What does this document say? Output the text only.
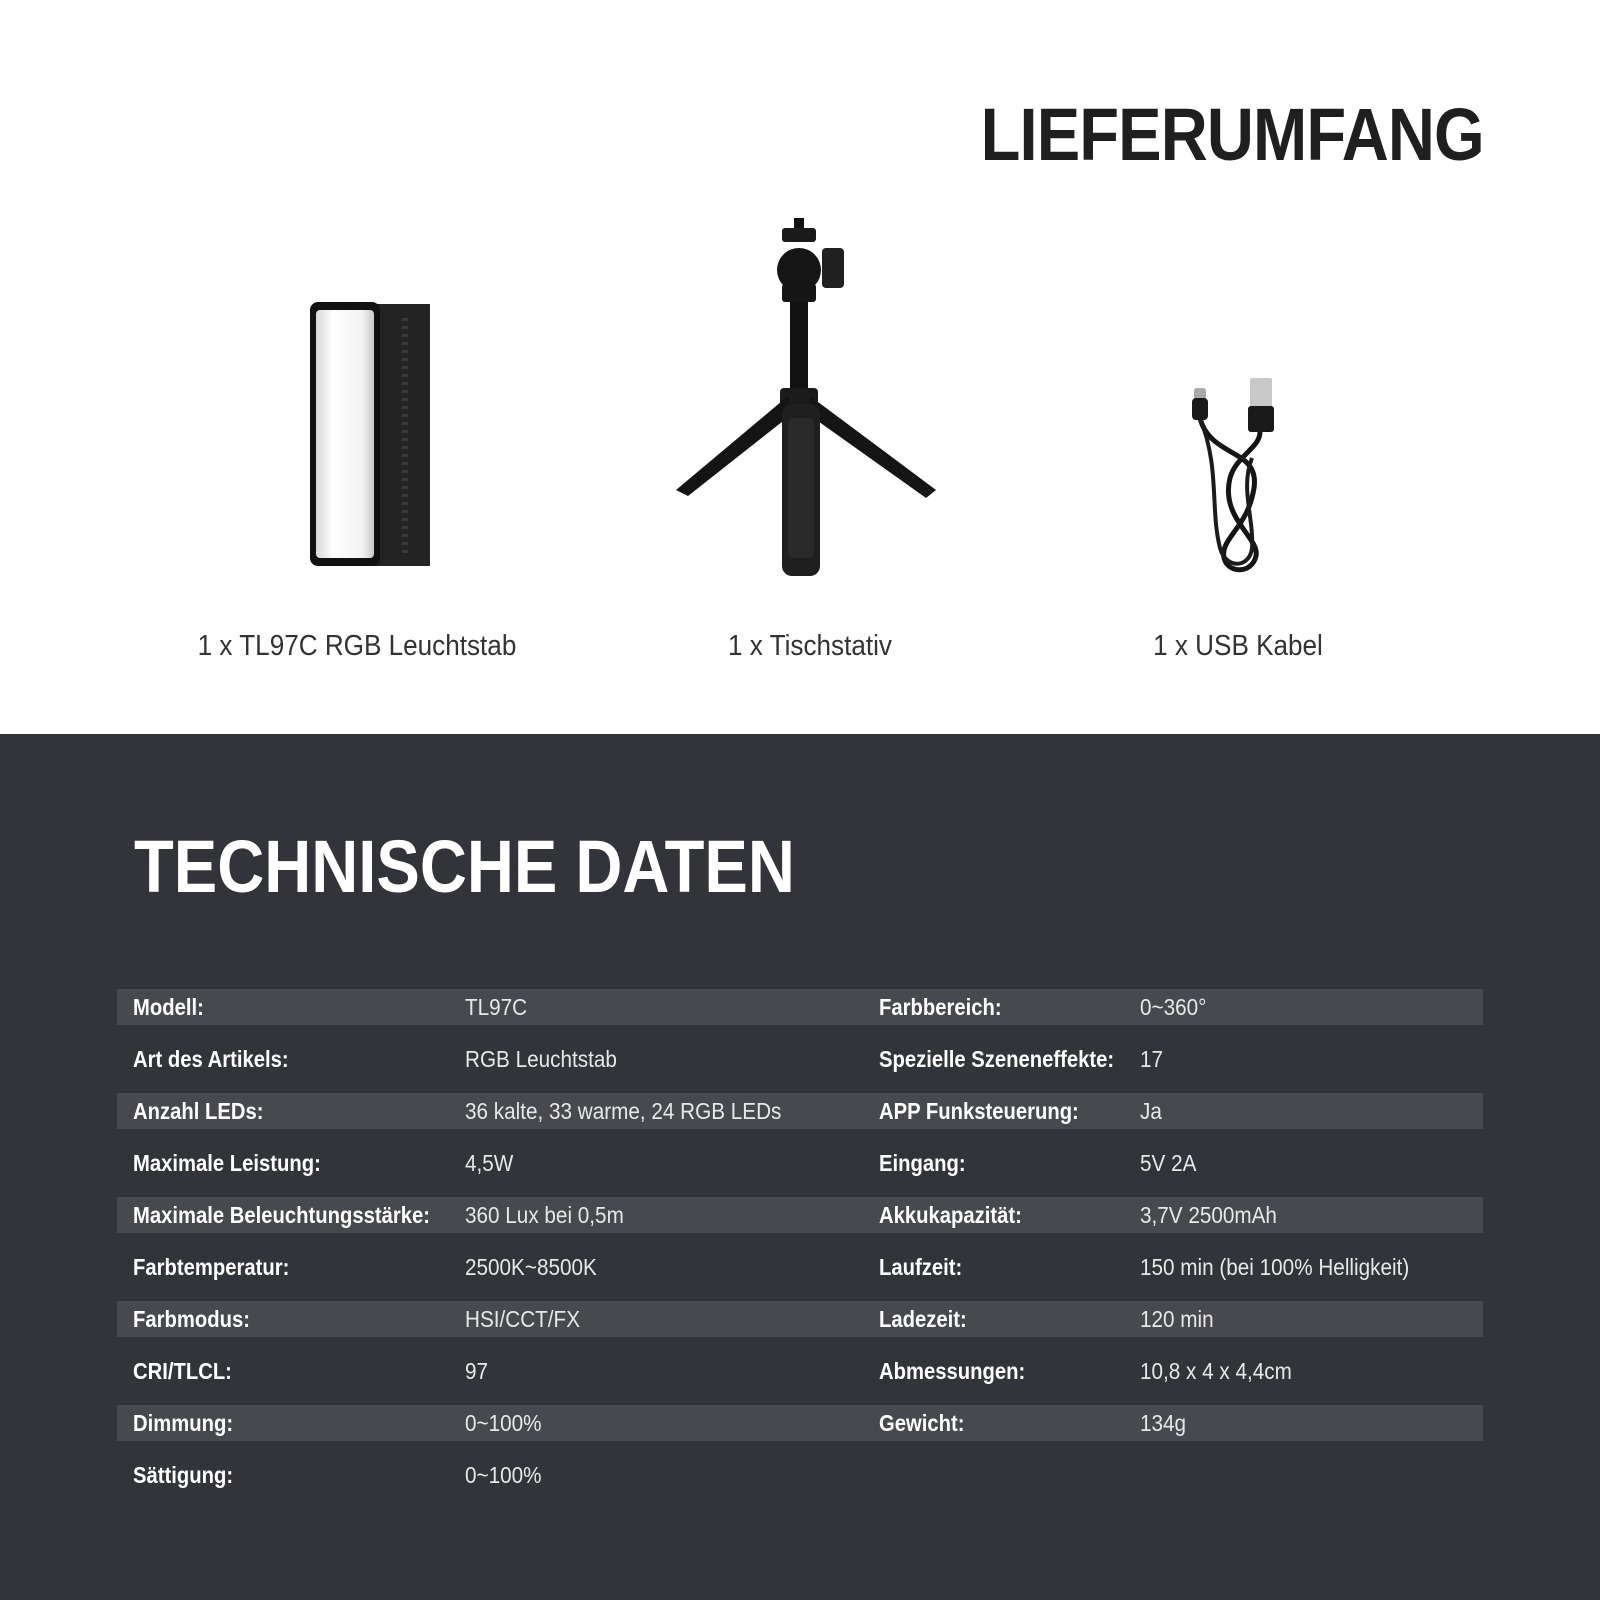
LIEFERUMFANG
1 x TL97C RGB Leuchtstab	1 x Tischstativ	1 x USB Kabel
TECHNISCHE DATEN
Modell:	TL97C	Farbbereich:	0~360°
Art des Artikels:	RGB Leuchtstab	Spezielle Szeneneffekte: 17
Anzahl LEDs:	36 kalte, 33 warme, 24 RGB LEDs	APP Funksteuerung:	Ja
Maximale Leistung:	4,5W	Eingang:	5V 2A
Maximale Beleuchtungsstärke: 360 Lux bei 0,5m	Akkukapazität:	3,7V 2500mAh
Farbtemperatur:	2500K~8500K	Laufzeit:	150 min (bei 100% Helligkeit)
Farbmodus:	HSI/CCT/FX	Ladezeit:	120 min
CRI/TLCL:	97	Abmessungen:	10,8 x 4 x 4,4cm
Dimmung:	0~100%	Gewicht:	134g
Sättigung:	0~100%
